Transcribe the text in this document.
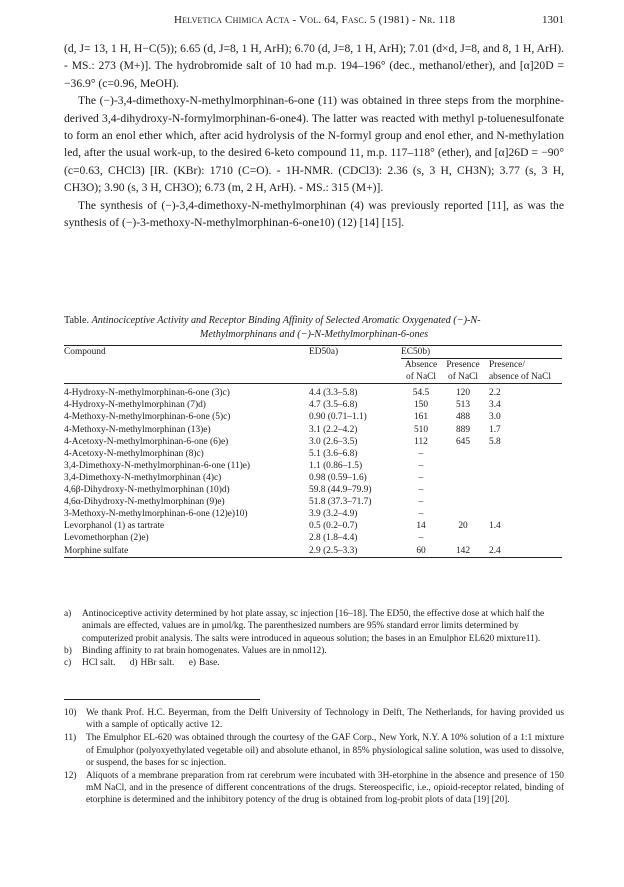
Helvetica Chimica Acta - Vol. 64, Fasc. 5 (1981) - Nr. 118	1301

(d, J= 13, 1 H, H−C(5)); 6.65 (d, J=8, 1 H, ArH); 6.70 (d, J=8, 1 H, ArH); 7.01 (d×d, J=8, and 8, 1 H, ArH). - MS.: 273 (M+)]. The hydrobromide salt of 10 had m.p. 194–196° (dec., methanol/ether), and [α]20D = −36.9° (c=0.96, MeOH).

The (−)-3,4-dimethoxy-N-methylmorphinan-6-one (11) was obtained in three steps from the morphine-derived 3,4-dihydroxy-N-formylmorphinan-6-one4). The latter was reacted with methyl p-toluenesulfonate to form an enol ether which, after acid hydrolysis of the N-formyl group and enol ether, and N-methylation led, after the usual work-up, to the desired 6-keto compound 11, m.p. 117–118° (ether), and [α]26D = −90° (c=0.63, CHCl3) [IR. (KBr): 1710 (C=O). - 1H-NMR. (CDCl3): 2.36 (s, 3 H, CH3N); 3.77 (s, 3 H, CH3O); 3.90 (s, 3 H, CH3O); 6.73 (m, 2 H, ArH). - MS.: 315 (M+)].

The synthesis of (−)-3,4-dimethoxy-N-methylmorphinan (4) was previously reported [11], as was the synthesis of (−)-3-methoxy-N-methylmorphinan-6-one10) (12) [14] [15].

Table. Antinociceptive Activity and Receptor Binding Affinity of Selected Aromatic Oxygenated (−)-N-
Methylmorphinans and (−)-N-Methylmorphinan-6-ones
Compound	ED50a)	EC50b)		
		Absence	Presence	Presence/
		of NaCl	of NaCl	absence of NaCl

4-Hydroxy-N-methylmorphinan-6-one (3)c)	4.4 (3.3–5.8)	54.5	120	2.2
4-Hydroxy-N-methylmorphinan (7)d)	4.7 (3.5–6.8)	150	513	3.4
4-Methoxy-N-methylmorphinan-6-one (5)c)	0.90 (0.71–1.1)	161	488	3.0
4-Methoxy-N-methylmorphinan (13)e)	3.1 (2.2–4.2)	510	889	1.7
4-Acetoxy-N-methylmorphinan-6-one (6)e)	3.0 (2.6–3.5)	112	645	5.8
4-Acetoxy-N-methylmorphinan (8)c)	5.1 (3.6–6.8)	–		
3,4-Dimethoxy-N-methylmorphinan-6-one (11)e)	1.1 (0.86–1.5)	–		
3,4-Dimethoxy-N-methylmorphinan (4)c)	0.98 (0.59–1.6)	–		
4,6β-Dihydroxy-N-methylmorphinan (10)d)	59.8 (44.9–79.9)	–		
4,6α-Dihydroxy-N-methylmorphinan (9)e)	51.8 (37.3–71.7)	–		
3-Methoxy-N-methylmorphinan-6-one (12)e)10)	3.9 (3.2–4.9)	–		
Levorphanol (1) as tartrate	0.5 (0.2–0.7)	14	20	1.4
Levomethorphan (2)e)	2.8 (1.8–4.4)	–		
Morphine sulfate	2.9 (2.5–3.3)	60	142	2.4

a) Antinociceptive activity determined by hot plate assay, sc injection [16–18]. The ED50, the effective dose at which half the animals are effected, values are in μmol/kg. The parenthesized numbers are 95% standard error limits determined by computerized probit analysis. The salts were introduced in aqueous solution; the bases in an Emulphor EL620 mixture11).

b) Binding affinity to rat brain homogenates. Values are in nmol12).

c) HCl salt. d) HBr salt. e) Base.

10) We thank Prof. H.C. Beyerman, from the Delft University of Technology in Delft, The Netherlands, for having provided us with a sample of optically active 12.

11) The Emulphor EL-620 was obtained through the courtesy of the GAF Corp., New York, N.Y. A 10% solution of a 1:1 mixture of Emulphor (polyoxyethylated vegetable oil) and absolute ethanol, in 85% physiological saline solution, was used to dissolve, or suspend, the bases for sc injection.

12) Aliquots of a membrane preparation from rat cerebrum were incubated with 3H-etorphine in the absence and presence of 150 mM NaCl, and in the presence of different concentrations of the drugs. Stereospecific, i.e., opioid-receptor related, binding of etorphine is determined and the inhibitory potency of the drug is obtained from log-probit plots of data [19] [20].
